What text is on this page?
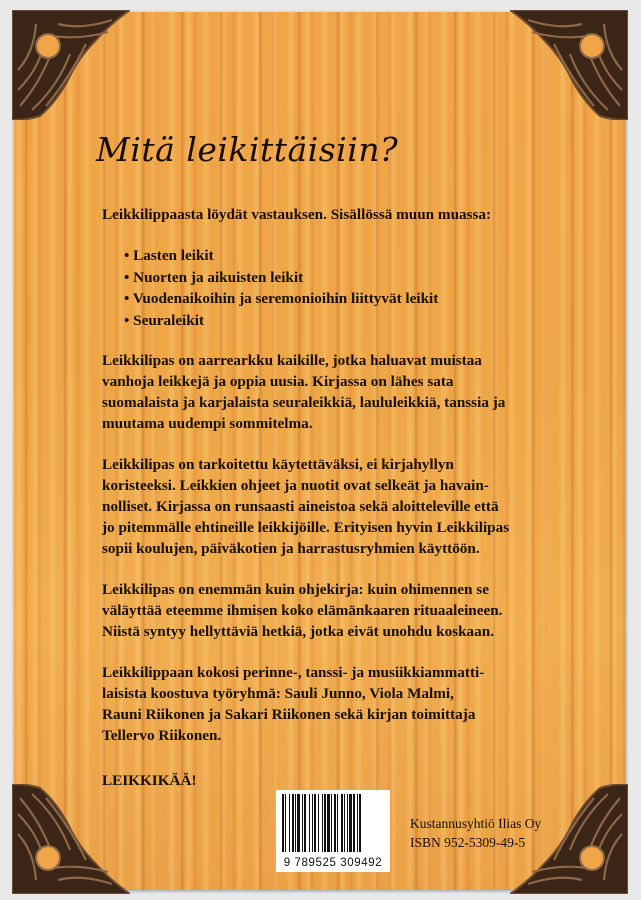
Mitä leikittäisiin?

Leikkilippaasta löydät vastauksen. Sisällössä muun muassa:

• Lasten leikit
• Nuorten ja aikuisten leikit
• Vuodenaikoihin ja seremonioihin liittyvät leikit
• Seuraleikit

Leikkilipas on aarrearkku kaikille, jotka haluavat muistaa
vanhoja leikkejä ja oppia uusia. Kirjassa on lähes sata
suomalaista ja karjalaista seuraleikkiä, laululeikkiä, tanssia ja
muutama uudempi sommitelma.

Leikkilipas on tarkoitettu käytettäväksi, ei kirjahyllyn
koristeeksi. Leikkien ohjeet ja nuotit ovat selkeät ja havain-
nolliset. Kirjassa on runsaasti aineistoa sekä aloitteleville että
jo pitemmälle ehtineille leikkijöille. Erityisen hyvin Leikkilipas
sopii koulujen, päiväkotien ja harrastusryhmien käyttöön.

Leikkilipas on enemmän kuin ohjekirja: kuin ohimennen se
väläyttää eteemme ihmisen koko elämänkaaren rituaaleineen.
Niistä syntyy hellyttäviä hetkiä, jotka eivät unohdu koskaan.

Leikkilippaan kokosi perinne-, tanssi- ja musiikkiammatti-
laisista koostuva työryhmä: Sauli Junno, Viola Malmi,
Rauni Riikonen ja Sakari Riikonen sekä kirjan toimittaja
Tellervo Riikonen.

LEIKKIKÄÄ!

9 789525 309492
Kustannusyhtiö Ilias Oy
ISBN 952-5309-49-5
